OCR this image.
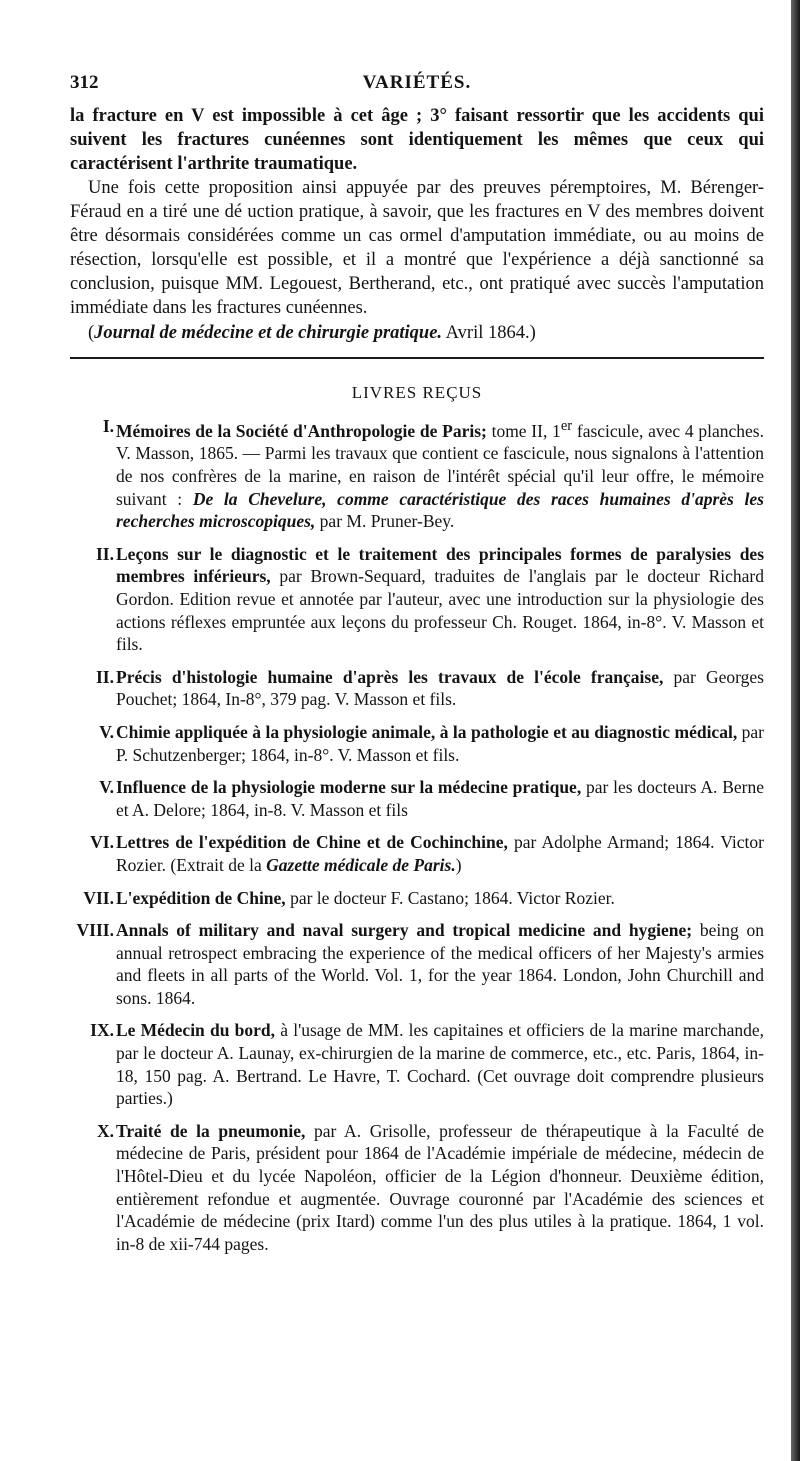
312	VARIÉTÉS.

la fracture en V est impossible à cet âge ; 3° faisant ressortir que les accidents qui suivent les fractures cunéennes sont identiquement les mêmes que ceux qui caractérisent l'arthrite traumatique.

Une fois cette proposition ainsi appuyée par des preuves péremptoires, M. Bérenger-Féraud en a tiré une dé uction pratique, à savoir, que les fractures en V des membres doivent être désormais considérées comme un cas ormel d'amputation immédiate, ou au moins de résection, lorsqu'elle est possible, et il a montré que l'expérience a déjà sanctionné sa conclusion, puisque MM. Legouest, Bertherand, etc., ont pratiqué avec succès l'amputation immédiate dans les fractures cunéennes.

(Journal de médecine et de chirurgie pratique. Avril 1864.)

LIVRES REÇUS
I. Mémoires de la Société d'Anthropologie de Paris; tome II, 1er fascicule, avec 4 planches. V. Masson, 1865. — Parmi les travaux que contient ce fascicule, nous signalons à l'attention de nos confrères de la marine, en raison de l'intérêt spécial qu'il leur offre, le mémoire suivant : De la Chevelure, comme caractéristique des races humaines d'après les recherches microscopiques, par M. Pruner-Bey.
II. Leçons sur le diagnostic et le traitement des principales formes de paralysies des membres inférieurs, par Brown-Sequard, traduites de l'anglais par le docteur Richard Gordon. Edition revue et annotée par l'auteur, avec une introduction sur la physiologie des actions réflexes empruntée aux leçons du professeur Ch. Rouget. 1864, in-8°. V. Masson et fils.
II. Précis d'histologie humaine d'après les travaux de l'école française, par Georges Pouchet; 1864, In-8°, 379 pag. V. Masson et fils.
V. Chimie appliquée à la physiologie animale, à la pathologie et au diagnostic médical, par P. Schutzenberger; 1864, in-8°. V. Masson et fils.
V. Influence de la physiologie moderne sur la médecine pratique, par les docteurs A. Berne et A. Delore; 1864, in-8. V. Masson et fils
VI. Lettres de l'expédition de Chine et de Cochinchine, par Adolphe Armand; 1864. Victor Rozier. (Extrait de la Gazette médicale de Paris.)
VII. L'expédition de Chine, par le docteur F. Castano; 1864. Victor Rozier.
VIII. Annals of military and naval surgery and tropical medicine and hygiene; being on annual retrospect embracing the experience of the medical officers of her Majesty's armies and fleets in all parts of the World. Vol. 1, for the year 1864. London, John Churchill and sons. 1864.
IX. Le Médecin du bord, à l'usage de MM. les capitaines et officiers de la marine marchande, par le docteur A. Launay, ex-chirurgien de la marine de commerce, etc., etc. Paris, 1864, in-18, 150 pag. A. Bertrand. Le Havre, T. Cochard. (Cet ouvrage doit comprendre plusieurs parties.)
X. Traité de la pneumonie, par A. Grisolle, professeur de thérapeutique à la Faculté de médecine de Paris, président pour 1864 de l'Académie impériale de médecine, médecin de l'Hôtel-Dieu et du lycée Napoléon, officier de la Légion d'honneur. Deuxième édition, entièrement refondue et augmentée. Ouvrage couronné par l'Académie des sciences et l'Académie de médecine (prix Itard) comme l'un des plus utiles à la pratique. 1864, 1 vol. in-8 de xii-744 pages.
